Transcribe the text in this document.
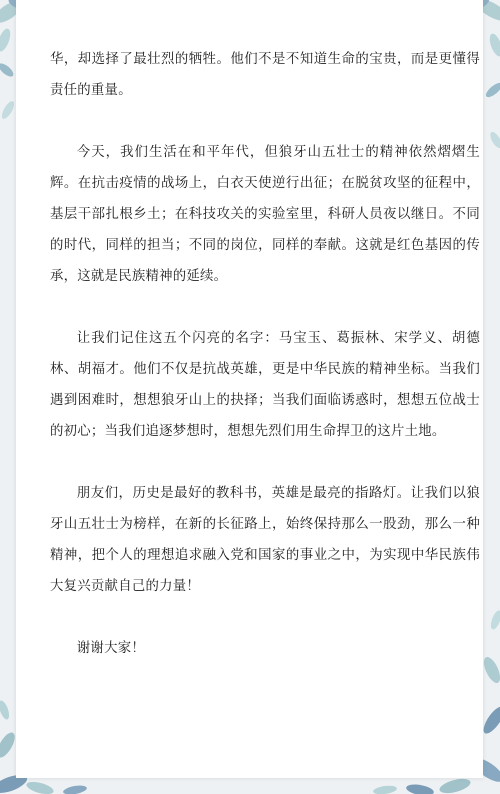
华，却选择了最壮烈的牺牲。他们不是不知道生命的宝贵，而是更懂得责任的重量。

今天，我们生活在和平年代，但狼牙山五壮士的精神依然熠熠生辉。在抗击疫情的战场上，白衣天使逆行出征；在脱贫攻坚的征程中，基层干部扎根乡土；在科技攻关的实验室里，科研人员夜以继日。不同的时代，同样的担当；不同的岗位，同样的奉献。这就是红色基因的传承，这就是民族精神的延续。

让我们记住这五个闪亮的名字：马宝玉、葛振林、宋学义、胡德林、胡福才。他们不仅是抗战英雄，更是中华民族的精神坐标。当我们遇到困难时，想想狼牙山上的抉择；当我们面临诱惑时，想想五位战士的初心；当我们追逐梦想时，想想先烈们用生命捍卫的这片土地。

朋友们，历史是最好的教科书，英雄是最亮的指路灯。让我们以狼牙山五壮士为榜样，在新的长征路上，始终保持那么一股劲，那么一种精神，把个人的理想追求融入党和国家的事业之中，为实现中华民族伟大复兴贡献自己的力量！

谢谢大家！
